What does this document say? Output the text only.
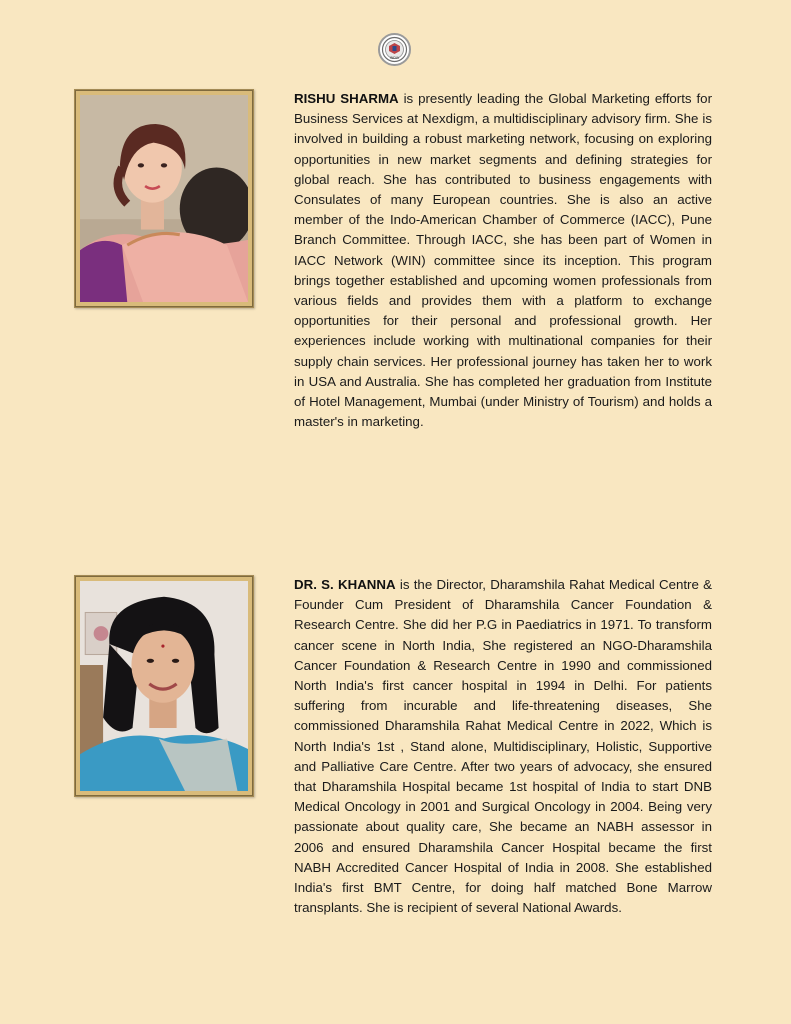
INDIA

RISHU SHARMA is presently leading the Global Marketing efforts for Business Services at Nexdigm, a multidisciplinary advisory firm. She is involved in building a robust marketing network, focusing on exploring opportunities in new market segments and defining strategies for global reach. She has contributed to business engagements with Consulates of many European countries. She is also an active member of the Indo-American Chamber of Commerce (IACC), Pune Branch Committee. Through IACC, she has been part of Women in IACC Network (WIN) committee since its inception. This program brings together established and upcoming women professionals from various fields and provides them with a platform to exchange opportunities for their personal and professional growth. Her experiences include working with multinational companies for their supply chain services. Her professional journey has taken her to work in USA and Australia. She has completed her graduation from Institute of Hotel Management, Mumbai (under Ministry of Tourism) and holds a master's in marketing.

DR. S. KHANNA is the Director, Dharamshila Rahat Medical Centre & Founder Cum President of Dharamshila Cancer Foundation & Research Centre. She did her P.G in Paediatrics in 1971. To transform cancer scene in North India, She registered an NGO-Dharamshila Cancer Foundation & Research Centre in 1990 and commissioned North India's first cancer hospital in 1994 in Delhi. For patients suffering from incurable and life-threatening diseases, She commissioned Dharamshila Rahat Medical Centre in 2022, Which is North India's 1st , Stand alone, Multidisciplinary, Holistic, Supportive and Palliative Care Centre. After two years of advocacy, she ensured that Dharamshila Hospital became 1st hospital of India to start DNB Medical Oncology in 2001 and Surgical Oncology in 2004. Being very passionate about quality care, She became an NABH assessor in 2006 and ensured Dharamshila Cancer Hospital became the first NABH Accredited Cancer Hospital of India in 2008. She established India's first BMT Centre, for doing half matched Bone Marrow transplants. She is recipient of several National Awards.
